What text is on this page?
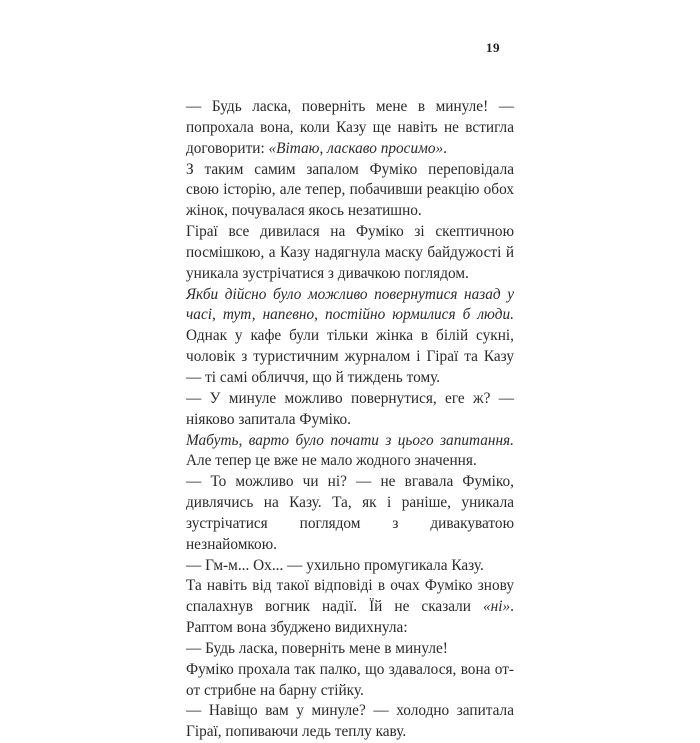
19

— Будь ласка, поверніть мене в минуле! — попрохала вона, коли Казу ще навіть не встигла договорити: «Вітаю, ласкаво просимо».

З таким самим запалом Фуміко переповідала свою історію, але тепер, побачивши реакцію обох жінок, почувалася якось незатишно.

Гіраї все дивилася на Фуміко зі скептичною посмішкою, а Казу надягнула маску байдужості й уникала зустрічатися з дивачкою поглядом.

Якби дійсно було можливо повернутися назад у часі, тут, напевно, постійно юрмилися б люди. Однак у кафе були тільки жінка в білій сукні, чоловік з туристичним журналом і Гіраї та Казу — ті самі обличчя, що й тиждень тому.

— У минуле можливо повернутися, еге ж? — ніяково запитала Фуміко.

Мабуть, варто було почати з цього запитання. Але тепер це вже не мало жодного значення.

— То можливо чи ні? — не вгавала Фуміко, дивлячись на Казу. Та, як і раніше, уникала зустрічатися поглядом з дивакуватою незнайомкою.

— Гм-м... Ох... — ухильно промугикала Казу.

Та навіть від такої відповіді в очах Фуміко знову спалахнув вогник надії. Їй не сказали «ні». Раптом вона збуджено видихнула:

— Будь ласка, поверніть мене в минуле!

Фуміко прохала так палко, що здавалося, вона от-от стрибне на барну стійку.

— Навіщо вам у минуле? — холодно запитала Гіраї, попиваючи ледь теплу каву.
